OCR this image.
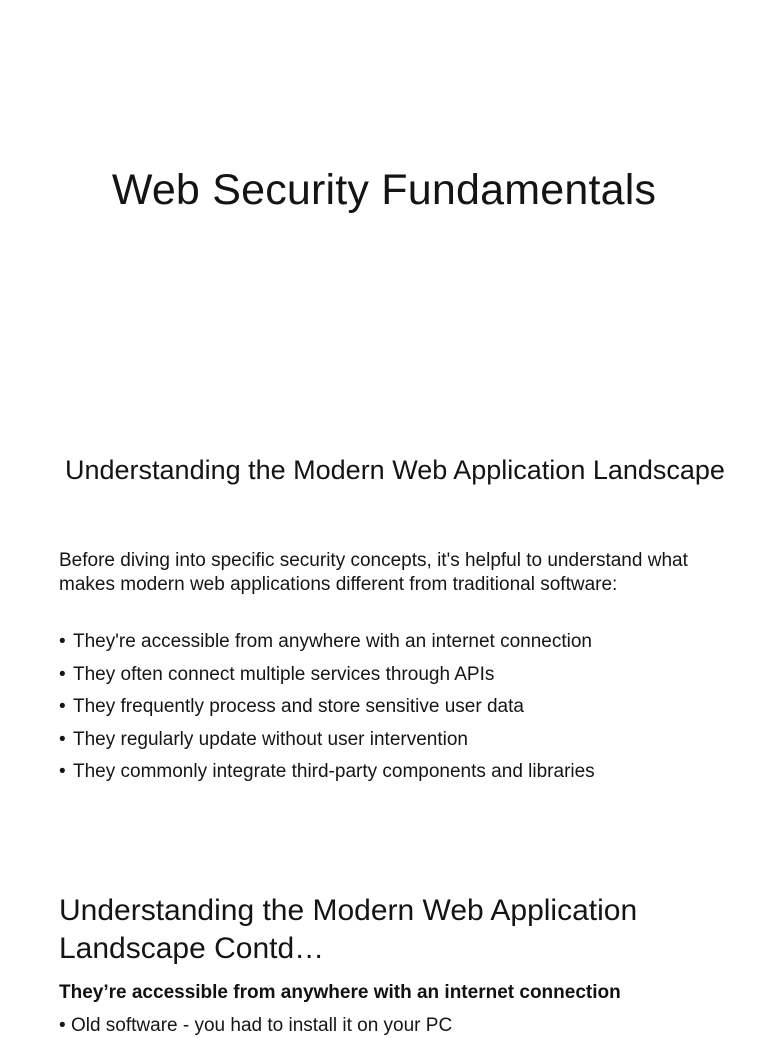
Web Security Fundamentals
Understanding the Modern Web Application Landscape
Before diving into specific security concepts, it's helpful to understand what makes modern web applications different from traditional software:
• They're accessible from anywhere with an internet connection
• They often connect multiple services through APIs
• They frequently process and store sensitive user data
• They regularly update without user intervention
• They commonly integrate third-party components and libraries
Understanding the Modern Web Application Landscape Contd…
They’re accessible from anywhere with an internet connection
• Old software - you had to install it on your PC
